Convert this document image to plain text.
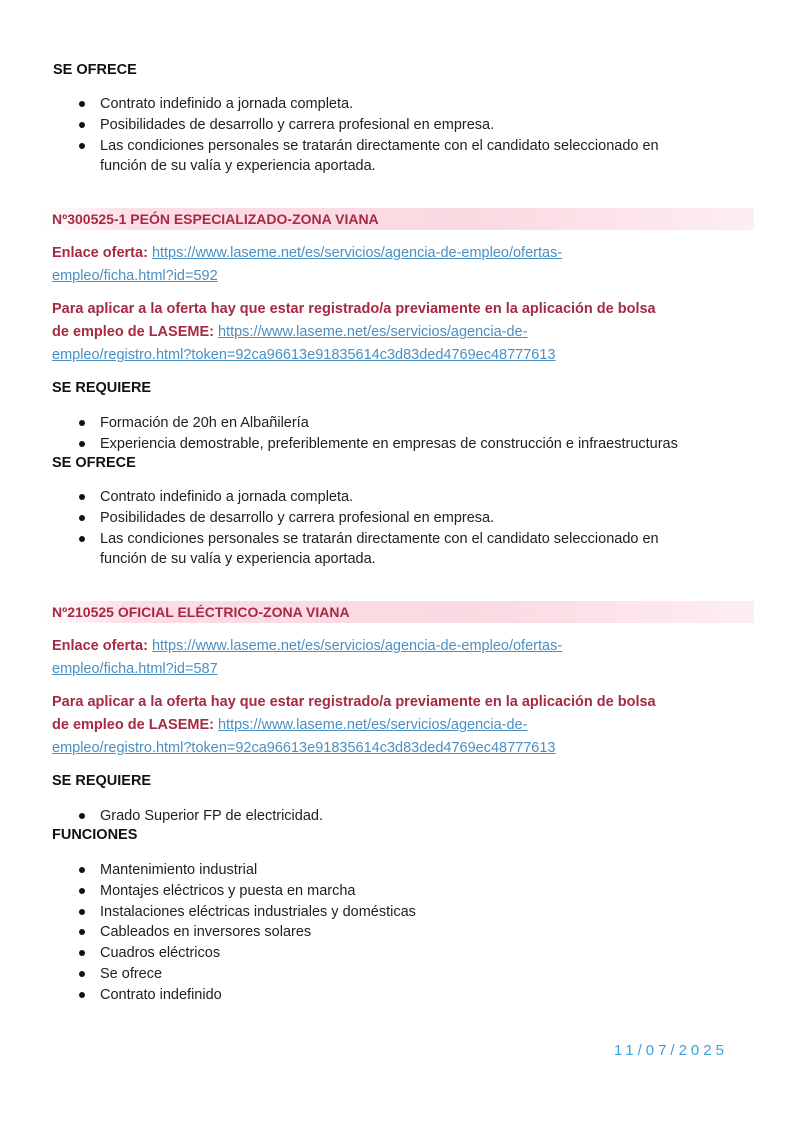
SE OFRECE
Contrato indefinido a jornada completa.
Posibilidades de desarrollo y carrera profesional en empresa.
Las condiciones personales se tratarán directamente con el candidato seleccionado en
función de su valía y experiencia aportada.
Nº300525-1 PEÓN ESPECIALIZADO-ZONA VIANA
Enlace oferta: https://www.laseme.net/es/servicios/agencia-de-empleo/ofertas-
empleo/ficha.html?id=592
Para aplicar a la oferta hay que estar registrado/a previamente en la aplicación de bolsa
de empleo de LASEME: https://www.laseme.net/es/servicios/agencia-de-
empleo/registro.html?token=92ca96613e91835614c3d83ded4769ec48777613
SE REQUIERE
Formación de 20h en Albañilería
Experiencia demostrable, preferiblemente en empresas de construcción e infraestructuras
SE OFRECE
Contrato indefinido a jornada completa.
Posibilidades de desarrollo y carrera profesional en empresa.
Las condiciones personales se tratarán directamente con el candidato seleccionado en
función de su valía y experiencia aportada.
Nº210525 OFICIAL ELÉCTRICO-ZONA VIANA
Enlace oferta: https://www.laseme.net/es/servicios/agencia-de-empleo/ofertas-
empleo/ficha.html?id=587
Para aplicar a la oferta hay que estar registrado/a previamente en la aplicación de bolsa
de empleo de LASEME: https://www.laseme.net/es/servicios/agencia-de-
empleo/registro.html?token=92ca96613e91835614c3d83ded4769ec48777613
SE REQUIERE
Grado Superior FP de electricidad.
FUNCIONES
Mantenimiento industrial
Montajes eléctricos y puesta en marcha
Instalaciones eléctricas industriales y domésticas
Cableados en inversores solares
Cuadros eléctricos
Se ofrece
Contrato indefinido
11/07/2025
